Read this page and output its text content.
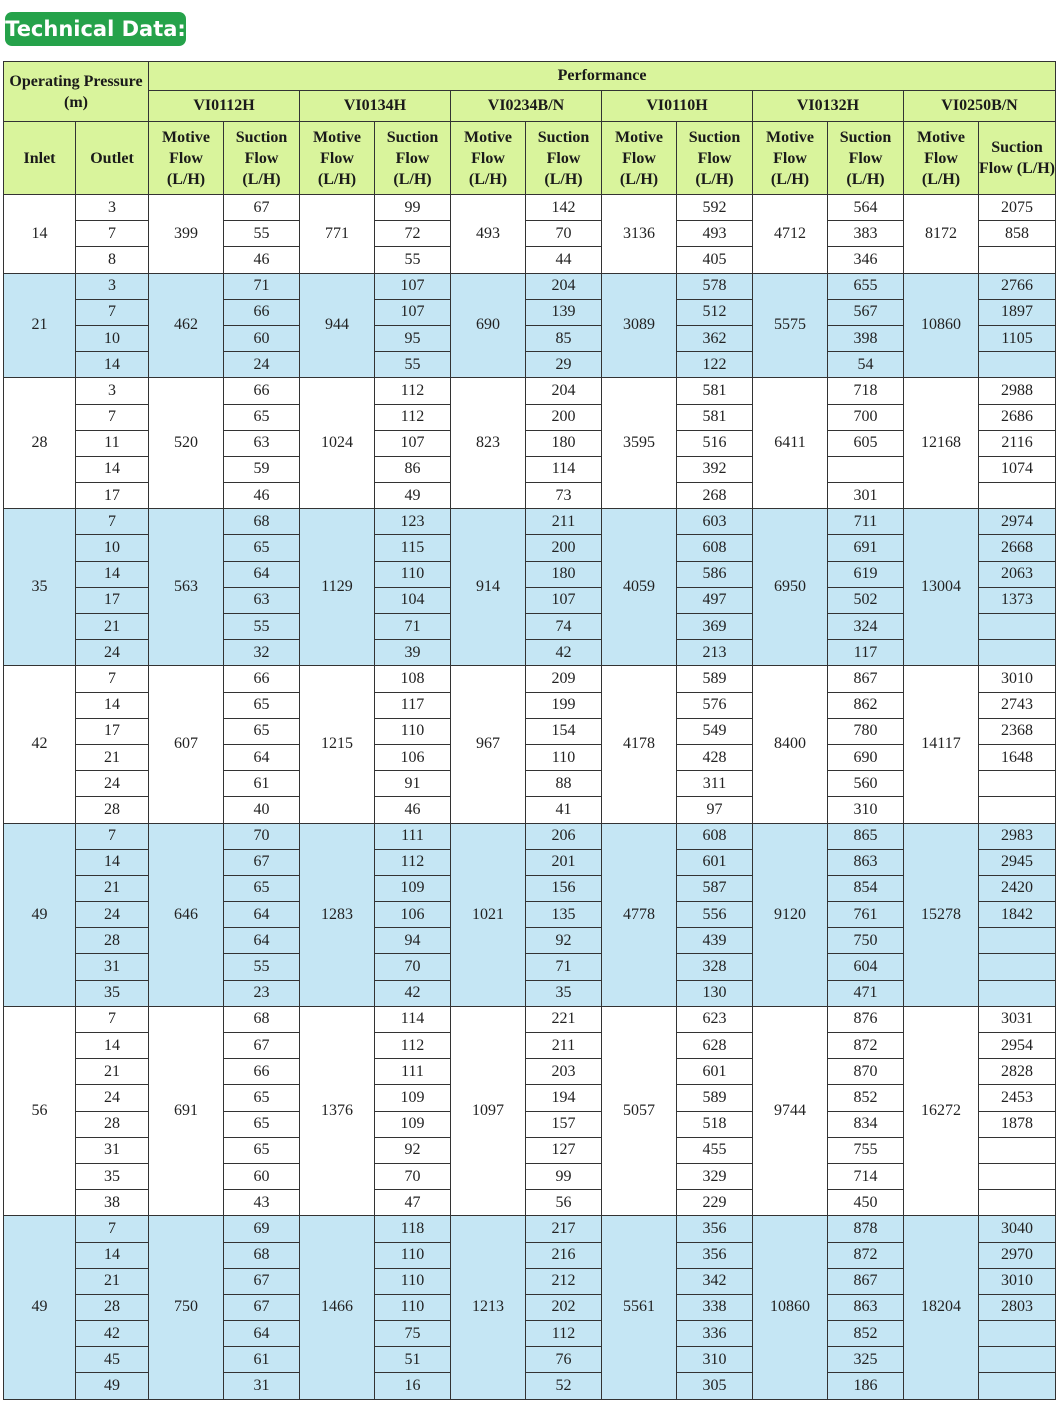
Technical Data:
Operating Pressure (m)		Performance											
		VI0112H		VI0134H		VI0234B/N		VI0110H		VI0132H		VI0250B/N	
Inlet	Outlet	Motive Flow (L/H)	Suction Flow (L/H)	Motive Flow (L/H)	Suction Flow (L/H)	Motive Flow (L/H)	Suction Flow (L/H)	Motive Flow (L/H)	Suction Flow (L/H)	Motive Flow (L/H)	Suction Flow (L/H)	Motive Flow (L/H)	Suction Flow (L/H)
14	3	399	67	771	99	493	142	3136	592	4712	564	8172	2075
	7		55		72		70		493		383		858
	8		46		55		44		405		346		
21	3	462	71	944	107	690	204	3089	578	5575	655	10860	2766
	7		66		107		139		512		567		1897
	10		60		95		85		362		398		1105
	14		24		55		29		122		54		
28	3	520	66	1024	112	823	204	3595	581	6411	718	12168	2988
	7		65		112		200		581		700		2686
	11		63		107		180		516		605		2116
	14		59		86		114		392				1074
	17		46		49		73		268		301		
35	7	563	68	1129	123	914	211	4059	603	6950	711	13004	2974
	10		65		115		200		608		691		2668
	14		64		110		180		586		619		2063
	17		63		104		107		497		502		1373
	21		55		71		74		369		324		
	24		32		39		42		213		117		
42	7	607	66	1215	108	967	209	4178	589	8400	867	14117	3010
	14		65		117		199		576		862		2743
	17		65		110		154		549		780		2368
	21		64		106		110		428		690		1648
	24		61		91		88		311		560		
	28		40		46		41		97		310		
49	7	646	70	1283	111	1021	206	4778	608	9120	865	15278	2983
	14		67		112		201		601		863		2945
	21		65		109		156		587		854		2420
	24		64		106		135		556		761		1842
	28		64		94		92		439		750		
	31		55		70		71		328		604		
	35		23		42		35		130		471		
56	7	691	68	1376	114	1097	221	5057	623	9744	876	16272	3031
	14		67		112		211		628		872		2954
	21		66		111		203		601		870		2828
	24		65		109		194		589		852		2453
	28		65		109		157		518		834		1878
	31		65		92		127		455		755		
	35		60		70		99		329		714		
	38		43		47		56		229		450		
49	7	750	69	1466	118	1213	217	5561	356	10860	878	18204	3040
	14		68		110		216		356		872		2970
	21		67		110		212		342		867		3010
	28		67		110		202		338		863		2803
	42		64		75		112		336		852		
	45		61		51		76		310		325		
	49		31		16		52		305		186		
